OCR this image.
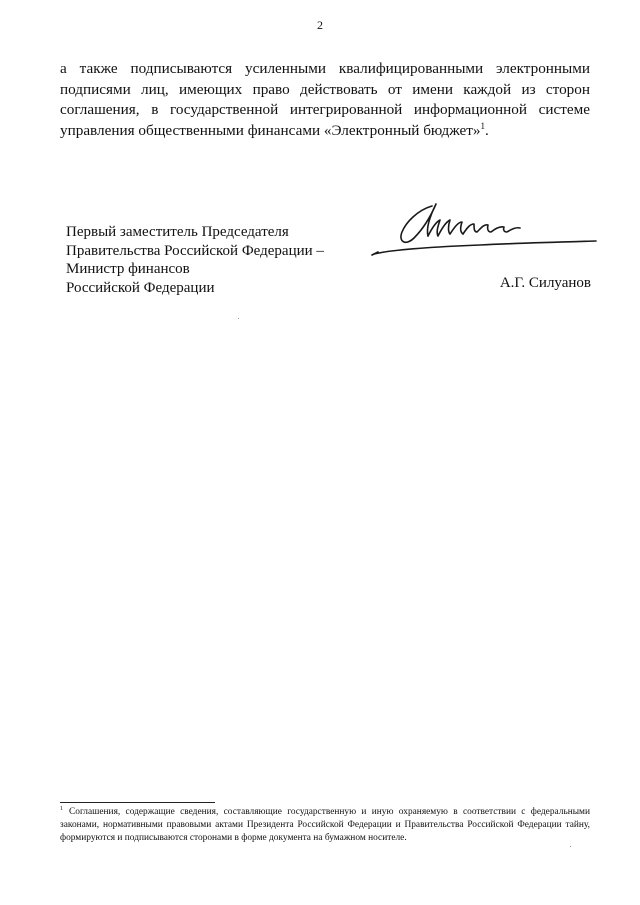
2

а также подписываются усиленными квалифицированными электронными подписями лиц, имеющих право действовать от имени каждой из сторон соглашения, в государственной интегрированной информационной системе управления общественными финансами «Электронный бюджет»$^1$.

Первый заместитель Председателя
Правительства Российской Федерации –
Министр финансов
Российской Федерации	А.Г. Силуанов

$^1$ Соглашения, содержащие сведения, составляющие государственную и иную охраняемую в соответствии с федеральными законами, нормативными правовыми актами Президента Российской Федерации и Правительства Российской Федерации тайну, формируются и подписываются сторонами в форме документа на бумажном носителе.
